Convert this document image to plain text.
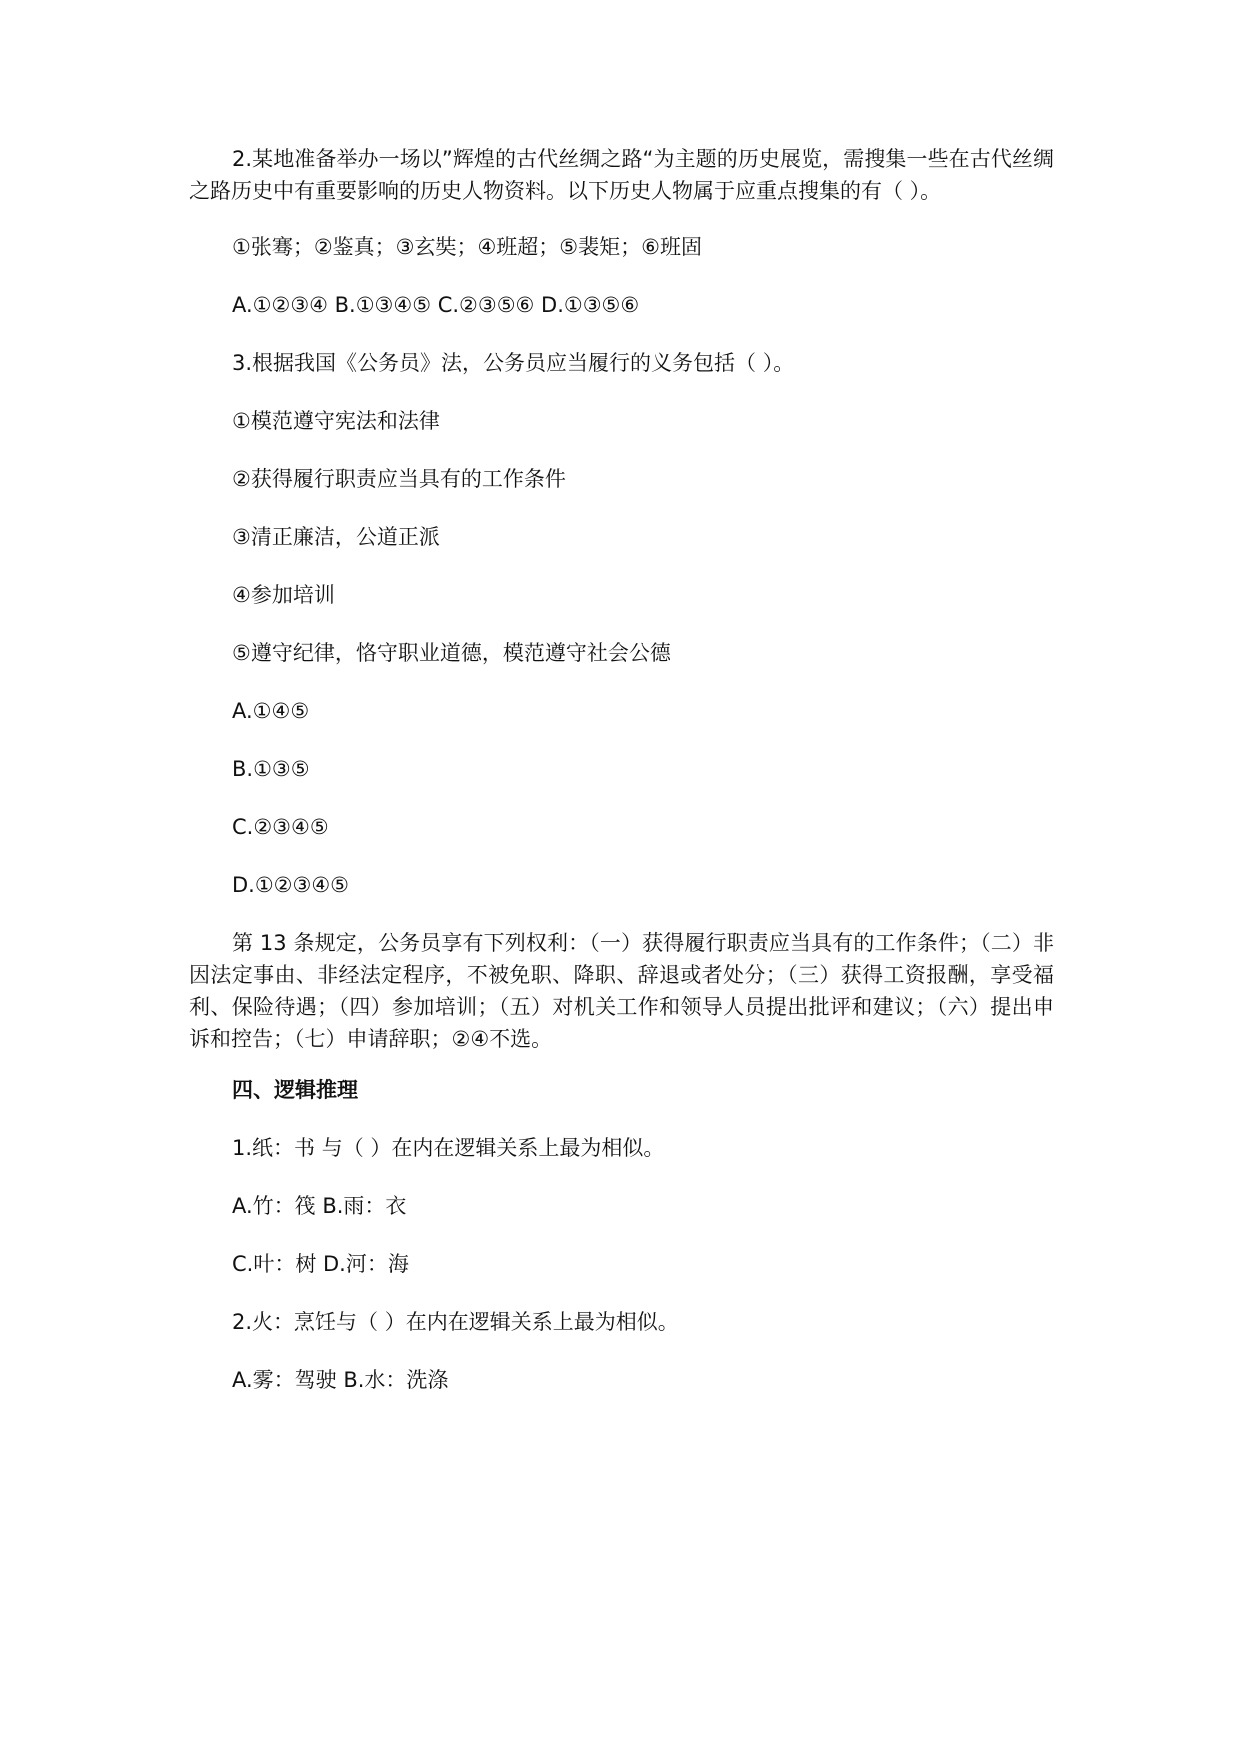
2.某地准备举办一场以”辉煌的古代丝绸之路“为主题的历史展览，需搜集一些在古代丝绸之路历史中有重要影响的历史人物资料。以下历史人物属于应重点搜集的有（ ）。

①张骞；②鉴真；③玄奘；④班超；⑤裴矩；⑥班固

A.①②③④ B.①③④⑤ C.②③⑤⑥ D.①③⑤⑥

3.根据我国《公务员》法，公务员应当履行的义务包括（ ）。

①模范遵守宪法和法律

②获得履行职责应当具有的工作条件

③清正廉洁，公道正派

④参加培训

⑤遵守纪律，恪守职业道德，模范遵守社会公德

A.①④⑤

B.①③⑤

C.②③④⑤

D.①②③④⑤

第 13 条规定，公务员享有下列权利：（一）获得履行职责应当具有的工作条件；（二）非因法定事由、非经法定程序，不被免职、降职、辞退或者处分；（三）获得工资报酬，享受福利、保险待遇；（四）参加培训；（五）对机关工作和领导人员提出批评和建议；（六）提出申诉和控告；（七）申请辞职；②④不选。

四、逻辑推理

1.纸：书 与（ ）在内在逻辑关系上最为相似。

A.竹：筏 B.雨：衣

C.叶：树 D.河：海

2.火：烹饪与（ ）在内在逻辑关系上最为相似。

A.雾：驾驶 B.水：洗涤
